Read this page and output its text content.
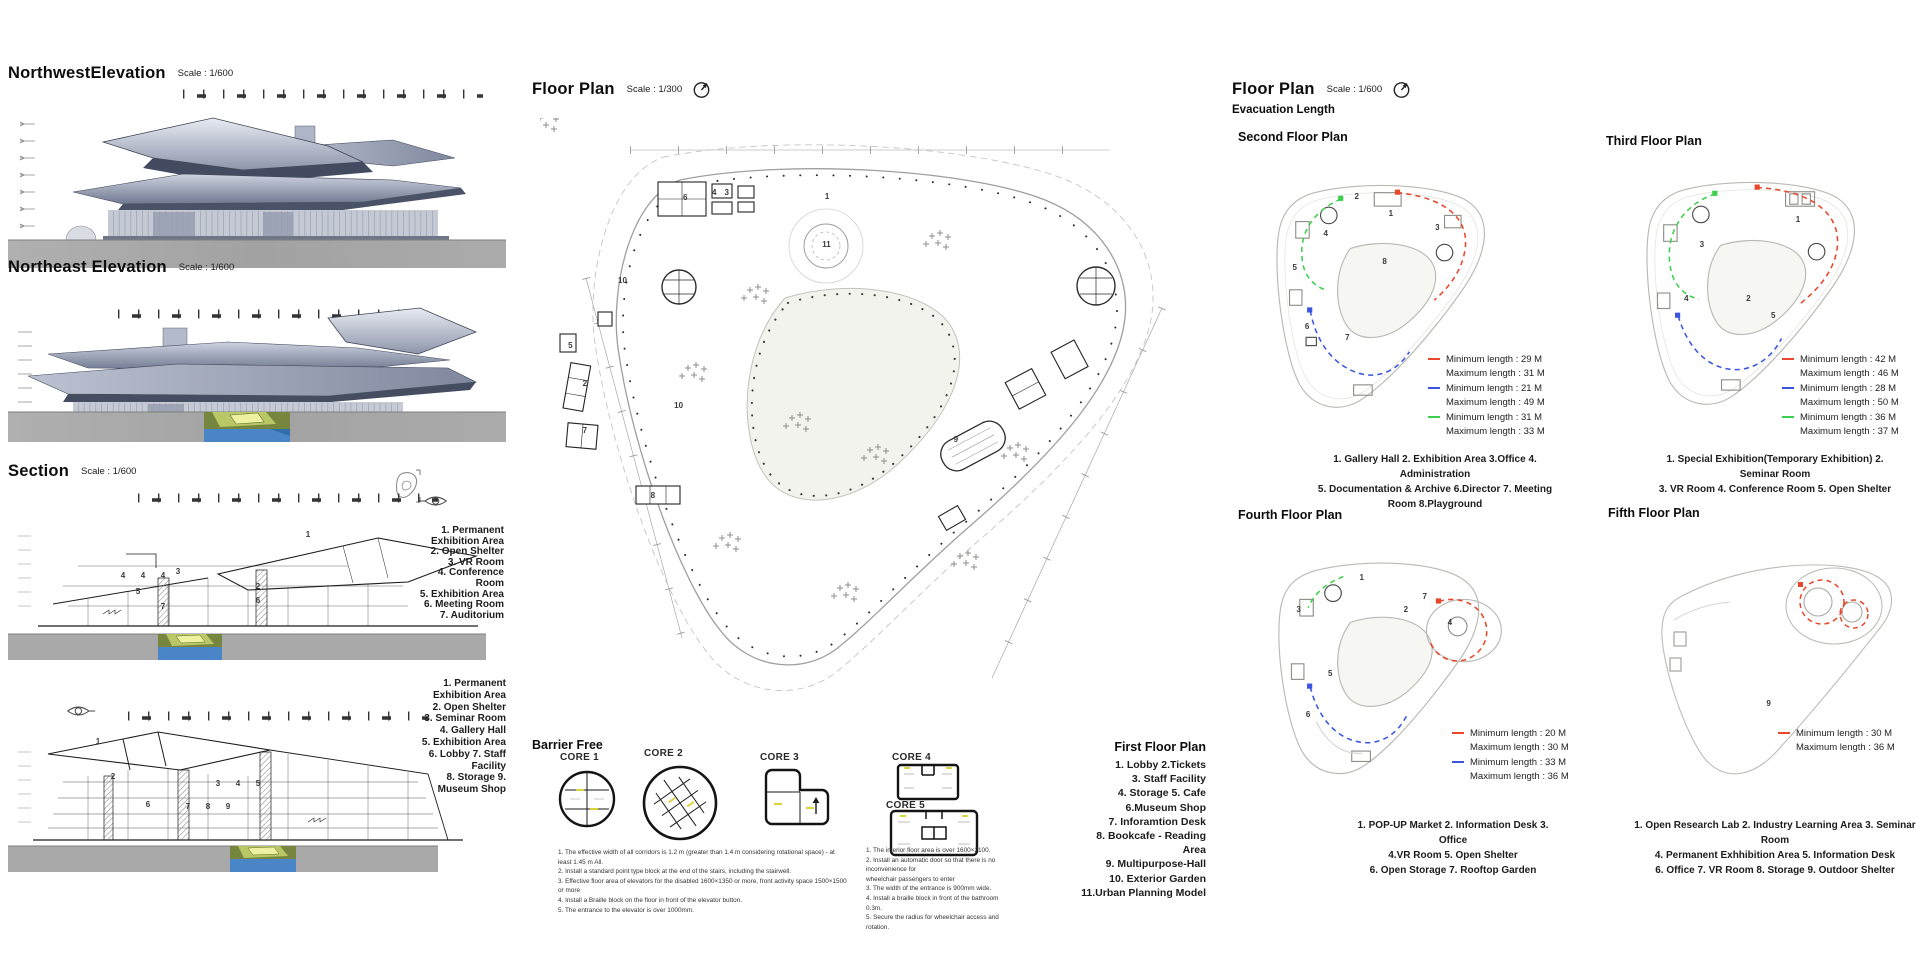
NorthwestElevation Scale : 1/600
Northeast Elevation Scale : 1/600
Section Scale : 1/600
1
2
3
4 4 4
5
6
7
1. Permanent
Exhibition Area
2. Open Shelter
3. VR Room
4. Conference Room
5. Exhibition Area
6. Meeting Room
7. Auditorium
1
2
3 4 5
6	7 8 9
1. Permanent
Exhibition Area
2. Open Shelter
3. Seminar Room
4. Gallery Hall
5. Exhibition Area
6. Lobby 7. Staff Facility
8. Storage 9. Museum Shop
Floor Plan Scale : 1/300
1
2
3
4
5
6
7
8
9
10
10
11
Barrier Free
CORE 1	CORE 2	CORE 3	CORE 4
CORE 5
1. The effective width of all corridors is 1.2 m (greater than 1.4 m considering rotational space) - at least 1.45 m All.
2. Install a standard point type block at the end of the stairs, including the stairwell.
3. Effective floor area of elevators for the disabled 1600×1350 or more, front activity space 1500×1500 or more
4. Install a Braille block on the floor in front of the elevator button.
5. The entrance to the elevator is over 1000mm.
1. The interior floor area is over 1600×2100.
2. Install an automatic door so that there is no inconvenience for
wheelchair passengers to enter
3. The width of the entrance is 900mm wide.
4. Install a braille block in front of the bathroom 0.3m.
5. Secure the radius for wheelchair access and rotation.
First Floor Plan
1. Lobby 2.Tickets
3. Staff Facility
4. Storage 5. Cafe
6.Museum Shop
7. Inforamtion Desk
8. Bookcafe - Reading Area
9. Multipurpose-Hall
10. Exterior Garden
11.Urban Planning Model
Floor Plan Scale : 1/600
Evacuation Length
Second Floor Plan	Third Floor Plan
1
2
3
4
5
6
7
8
1
2
3
4
5
Minimum length : 29 M
Maximum length : 31 M
Minimum length : 21 M
Maximum length : 49 M
Minimum length : 31 M
Maximum length : 33 M
Minimum length : 42 M
Maximum length : 46 M
Minimum length : 28 M
Maximum length : 50 M
Minimum length : 36 M
Maximum length : 37 M
1. Gallery Hall 2. Exhibition Area 3.Office 4. Administration
5. Documentation & Archive 6.Director 7. Meeting Room 8.Playground
1. Special Exhibition(Temporary Exhibition) 2. Seminar Room
3. VR Room 4. Conference Room 5. Open Shelter
Fourth Floor Plan	Fifth Floor Plan
1
2
3
4
5
6
7
9
Minimum length : 20 M
Maximum length : 30 M
Minimum length : 33 M
Maximum length : 36 M
Minimum length : 30 M
Maximum length : 36 M
1. POP-UP Market 2. Information Desk 3. Office
4.VR Room 5. Open Shelter
6. Open Storage 7. Rooftop Garden
1. Open Research Lab 2. Industry Learning Area 3. Seminar Room
4. Permanent Exhhibition Area 5. Information Desk
6. Office 7. VR Room 8. Storage 9. Outdoor Shelter
